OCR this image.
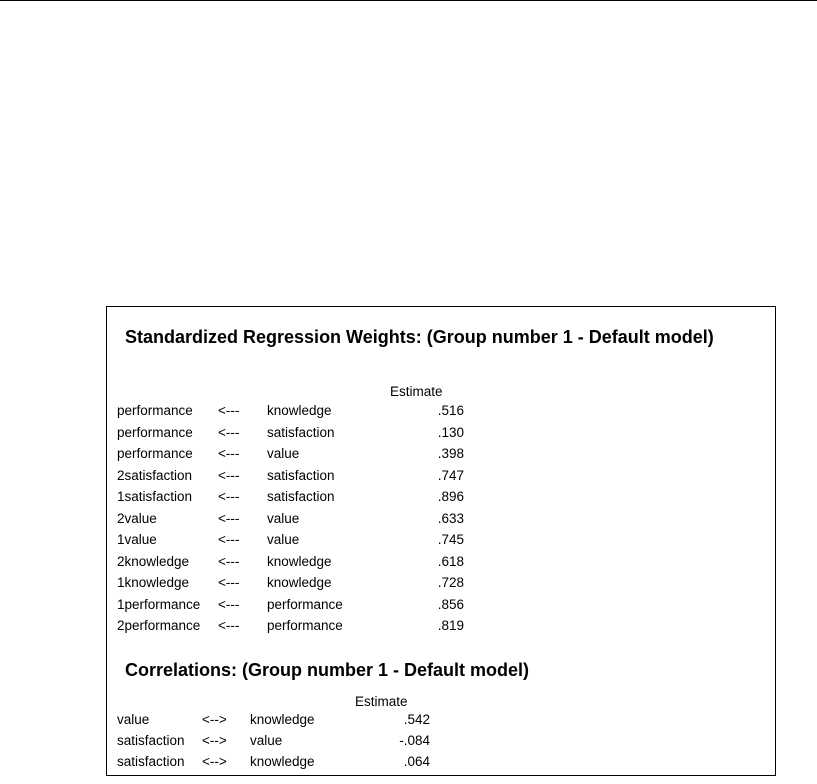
Standardized Regression Weights: (Group number 1 - Default model)
Estimate
performance <--- knowledge	.516
performance <--- satisfaction	.130
performance <--- value	.398
2satisfaction <--- satisfaction	.747
1satisfaction <--- satisfaction	.896
2value	<--- value	.633
1value	<--- value	.745
2knowledge <--- knowledge	.618
1knowledge <--- knowledge	.728
1performance <--- performance	.856
2performance <--- performance	.819
Correlations: (Group number 1 - Default model)
Estimate
value	<--> knowledge	.542
satisfaction <--> value	-.084
satisfaction <--> knowledge	.064
